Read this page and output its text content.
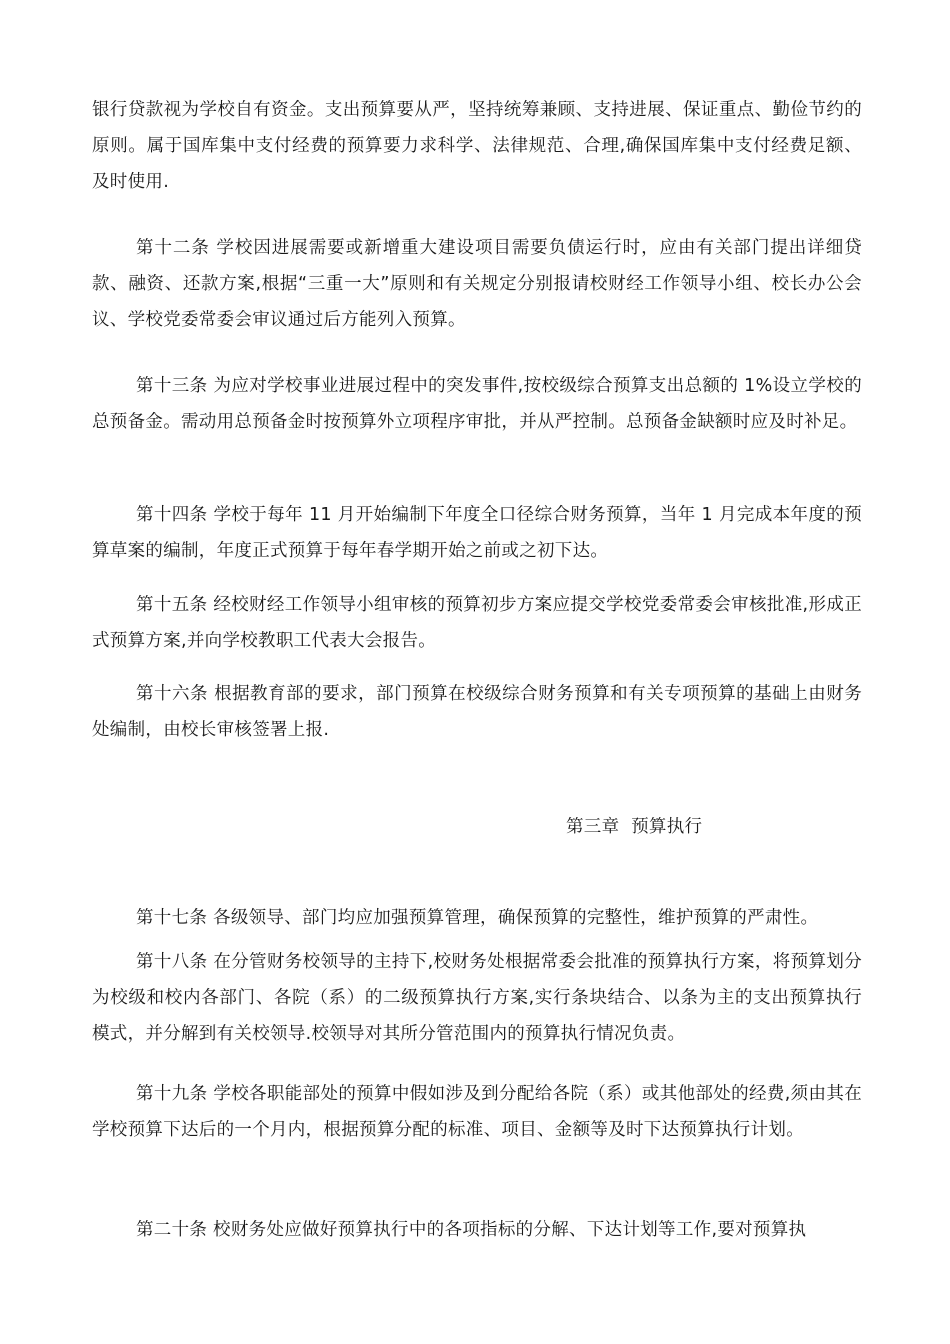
银行贷款视为学校自有资金。支出预算要从严，坚持统筹兼顾、支持进展、保证重点、勤俭节约的原则。属于国库集中支付经费的预算要力求科学、法律规范、合理,确保国库集中支付经费足额、及时使用.

第十二条 学校因进展需要或新增重大建设项目需要负债运行时，应由有关部门提出详细贷款、融资、还款方案,根据“三重一大”原则和有关规定分别报请校财经工作领导小组、校长办公会议、学校党委常委会审议通过后方能列入预算。

第十三条 为应对学校事业进展过程中的突发事件,按校级综合预算支出总额的 1%设立学校的总预备金。需动用总预备金时按预算外立项程序审批，并从严控制。总预备金缺额时应及时补足。

第十四条 学校于每年 11 月开始编制下年度全口径综合财务预算，当年 1 月完成本年度的预算草案的编制，年度正式预算于每年春学期开始之前或之初下达。

第十五条 经校财经工作领导小组审核的预算初步方案应提交学校党委常委会审核批准,形成正式预算方案,并向学校教职工代表大会报告。

第十六条 根据教育部的要求，部门预算在校级综合财务预算和有关专项预算的基础上由财务处编制，由校长审核签署上报.

第三章  预算执行

第十七条 各级领导、部门均应加强预算管理，确保预算的完整性，维护预算的严肃性。

第十八条 在分管财务校领导的主持下,校财务处根据常委会批准的预算执行方案，将预算划分为校级和校内各部门、各院（系）的二级预算执行方案,实行条块结合、以条为主的支出预算执行模式，并分解到有关校领导.校领导对其所分管范围内的预算执行情况负责。

第十九条 学校各职能部处的预算中假如涉及到分配给各院（系）或其他部处的经费,须由其在学校预算下达后的一个月内，根据预算分配的标准、项目、金额等及时下达预算执行计划。

第二十条 校财务处应做好预算执行中的各项指标的分解、下达计划等工作,要对预算执
